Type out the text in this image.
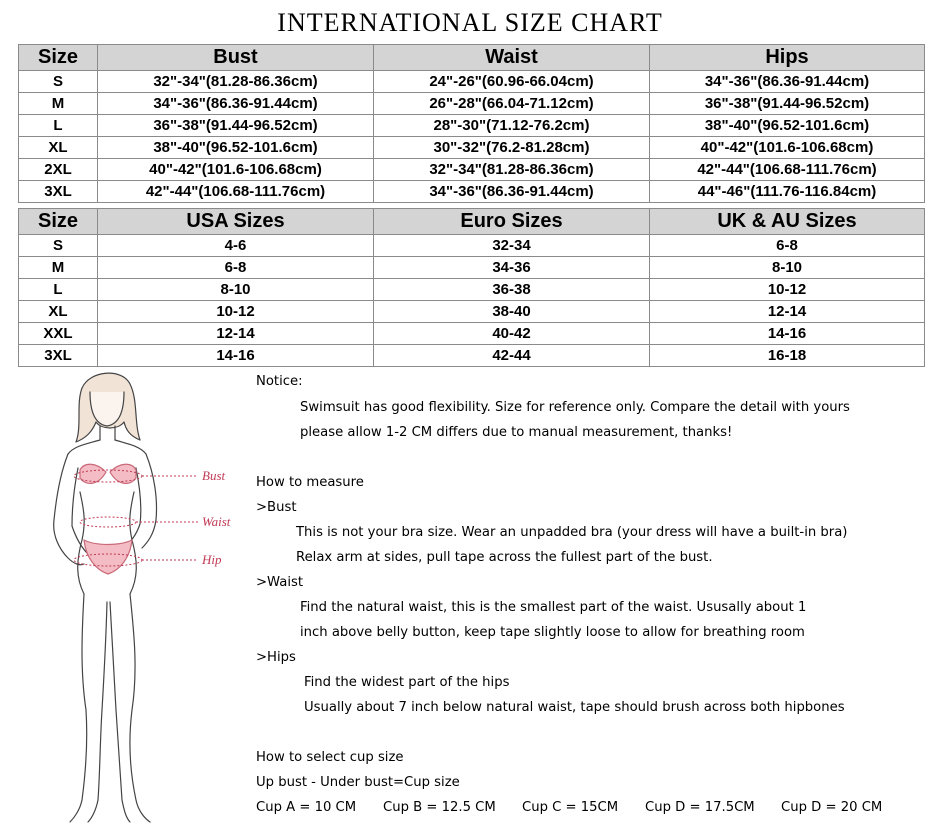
INTERNATIONAL SIZE CHART
Size	Bust	Waist	Hips
S	32"-34"(81.28-86.36cm)	24"-26"(60.96-66.04cm)	34"-36"(86.36-91.44cm)
M	34"-36"(86.36-91.44cm)	26"-28"(66.04-71.12cm)	36"-38"(91.44-96.52cm)
L	36"-38"(91.44-96.52cm)	28"-30"(71.12-76.2cm)	38"-40"(96.52-101.6cm)
XL	38"-40"(96.52-101.6cm)	30"-32"(76.2-81.28cm)	40"-42"(101.6-106.68cm)
2XL	40"-42"(101.6-106.68cm)	32"-34"(81.28-86.36cm)	42"-44"(106.68-111.76cm)
3XL	42"-44"(106.68-111.76cm)	34"-36"(86.36-91.44cm)	44"-46"(111.76-116.84cm)
Size	USA Sizes	Euro Sizes	UK & AU Sizes
S	4-6	32-34	6-8
M	6-8	34-36	8-10
L	8-10	36-38	10-12
XL	10-12	38-40	12-14
XXL	12-14	40-42	14-16
3XL	14-16	42-44	16-18
Bust
Waist
Hip
Notice:
Swimsuit has good flexibility. Size for reference only. Compare the detail with yours
please allow 1-2 CM differs due to manual measurement, thanks!
How to measure
>Bust
This is not your bra size. Wear an unpadded bra (your dress will have a built-in bra)
Relax arm at sides, pull tape across the fullest part of the bust.
>Waist
Find the natural waist, this is the smallest part of the waist. Ususally about 1
inch above belly button, keep tape slightly loose to allow for breathing room
>Hips
Find the widest part of the hips
Usually about 7 inch below natural waist, tape should brush across both hipbones
How to select cup size
Up bust - Under bust=Cup size
Cup A = 10 CM Cup B = 12.5 CM Cup C = 15CM Cup D = 17.5CM Cup D = 20 CM
